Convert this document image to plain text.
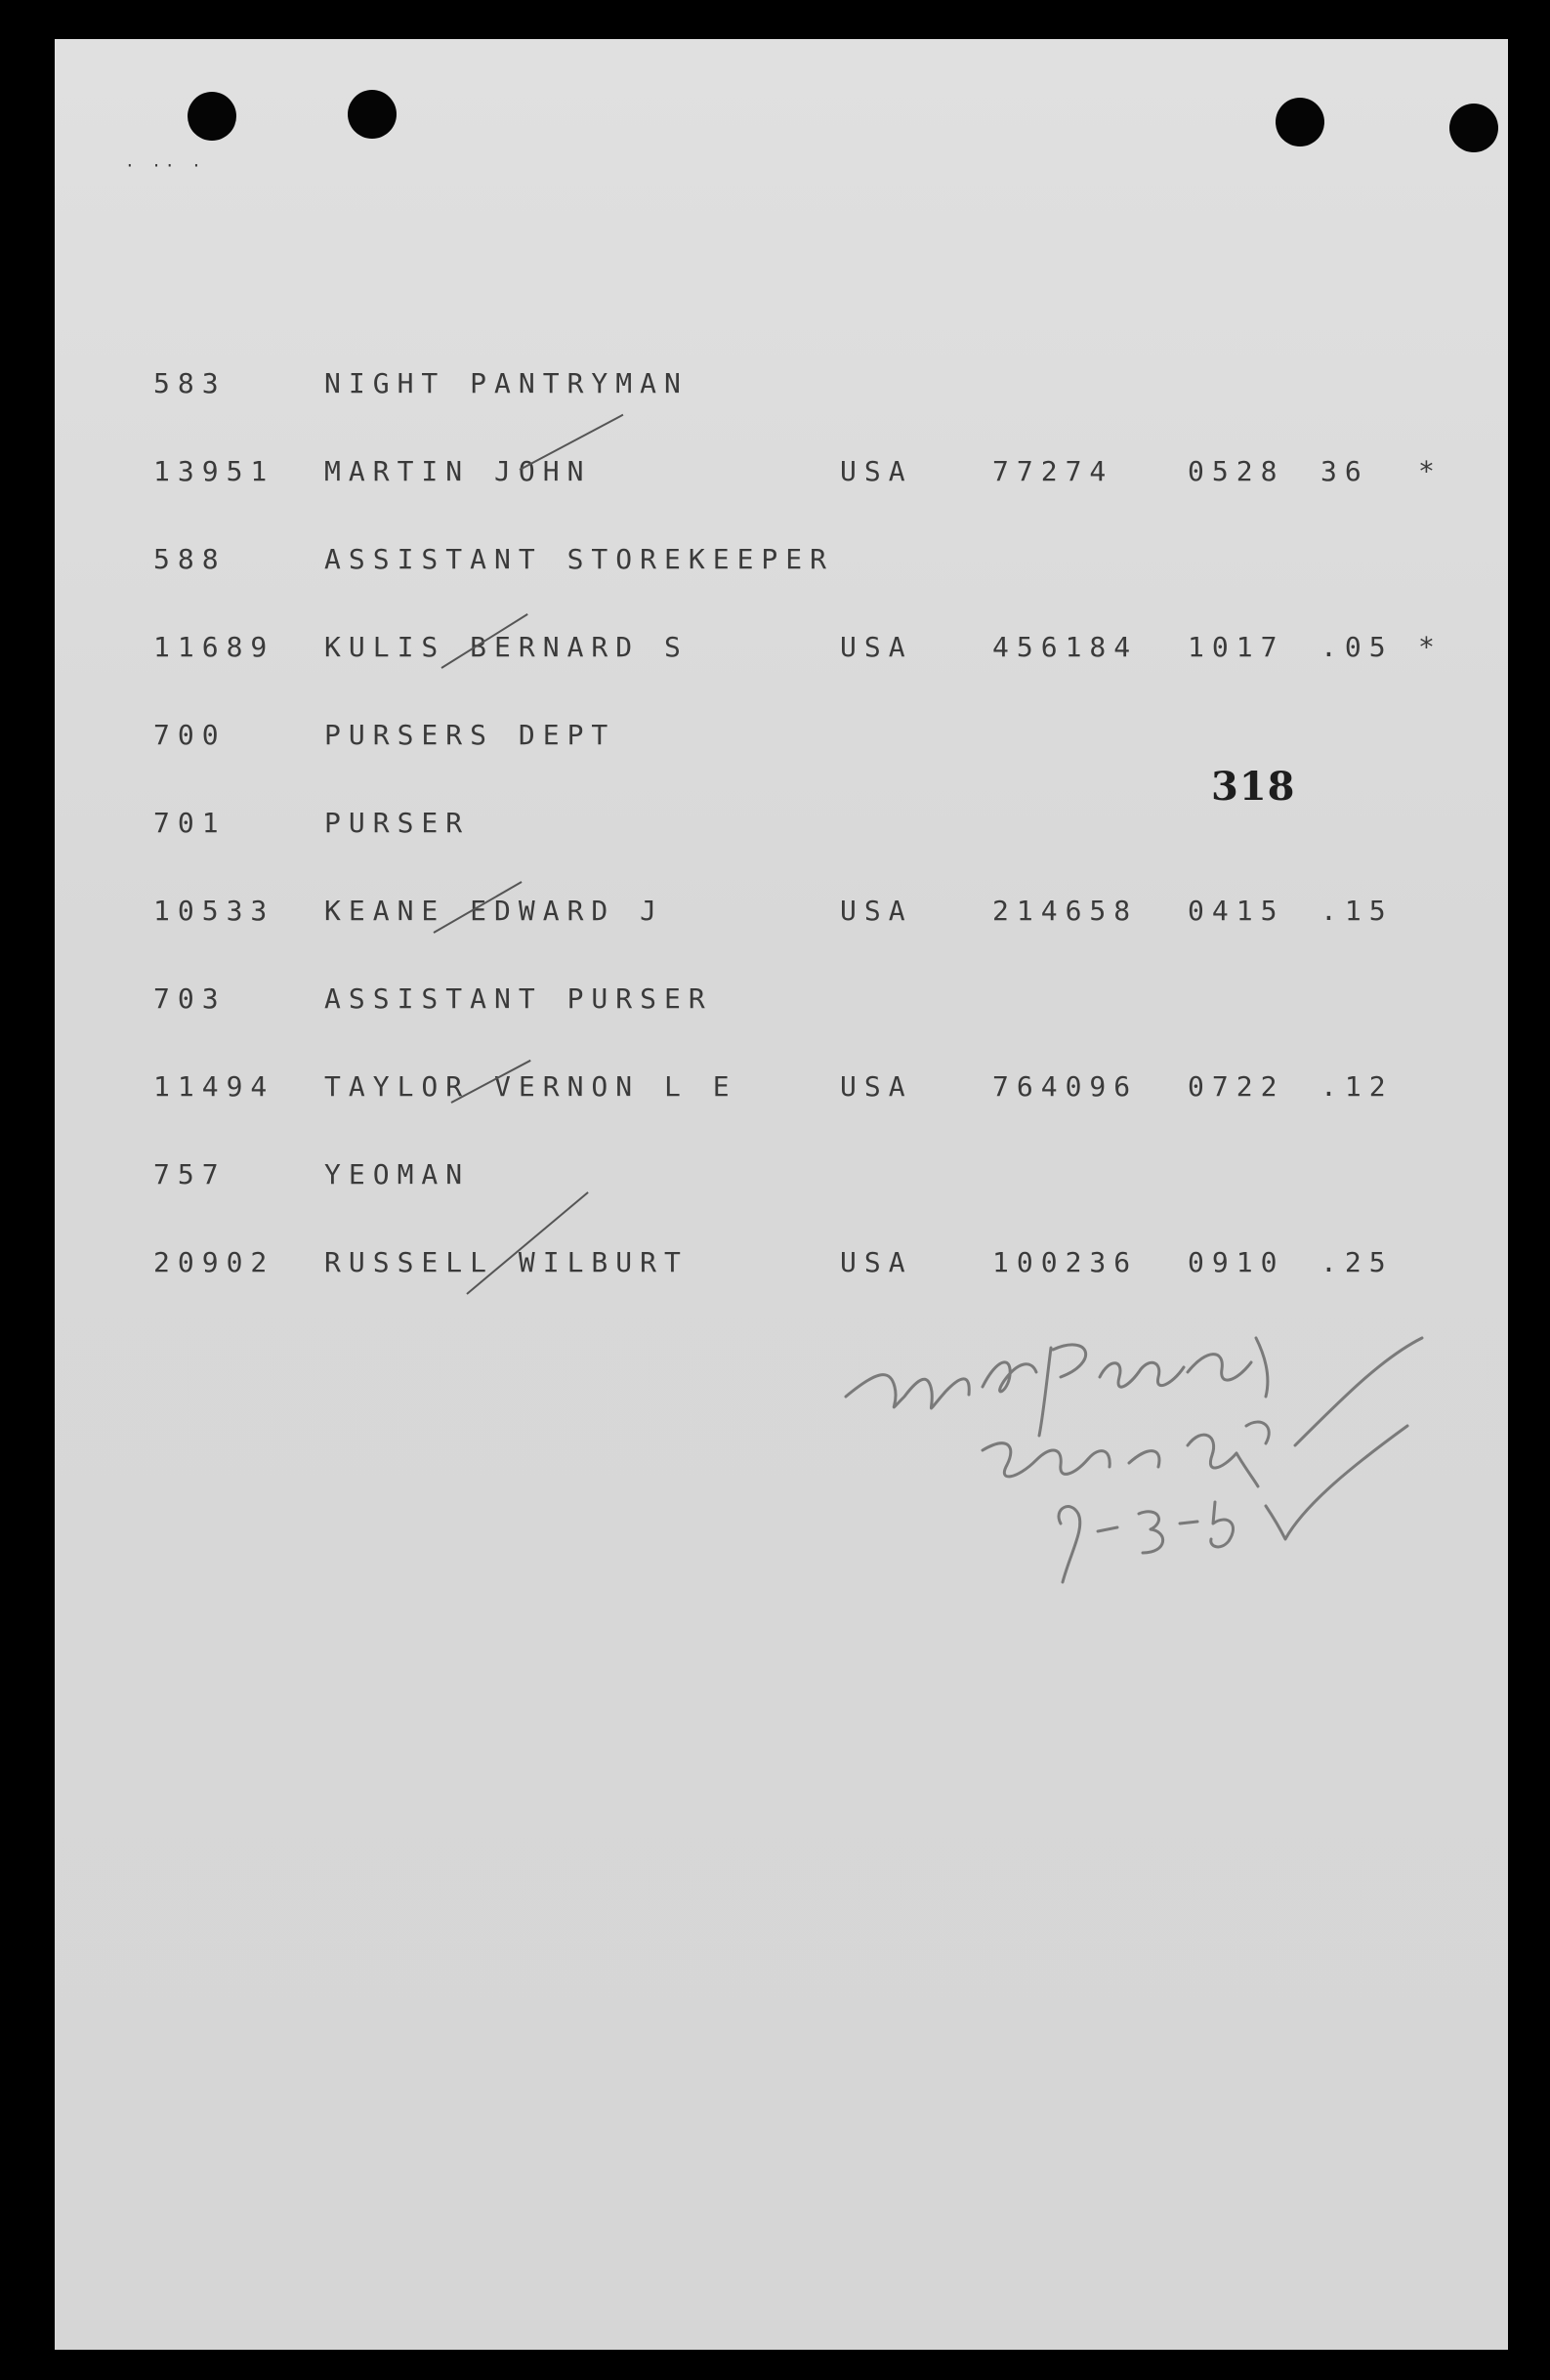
· ·· ·
318
583	NIGHT PANTRYMAN
13951 MARTIN JOHN	USA	77274	0528 36 *
588	ASSISTANT STOREKEEPER
11689 KULIS BERNARD S	USA	456184 1017 .05 *
700	PURSERS DEPT
701	PURSER
10533 KEANE EDWARD J	USA	214658 0415 .15
703	ASSISTANT PURSER
11494 TAYLOR VERNON L E	USA	764096 0722 .12
757	YEOMAN
20902 RUSSELL WILBURT	USA	100236 0910 .25
